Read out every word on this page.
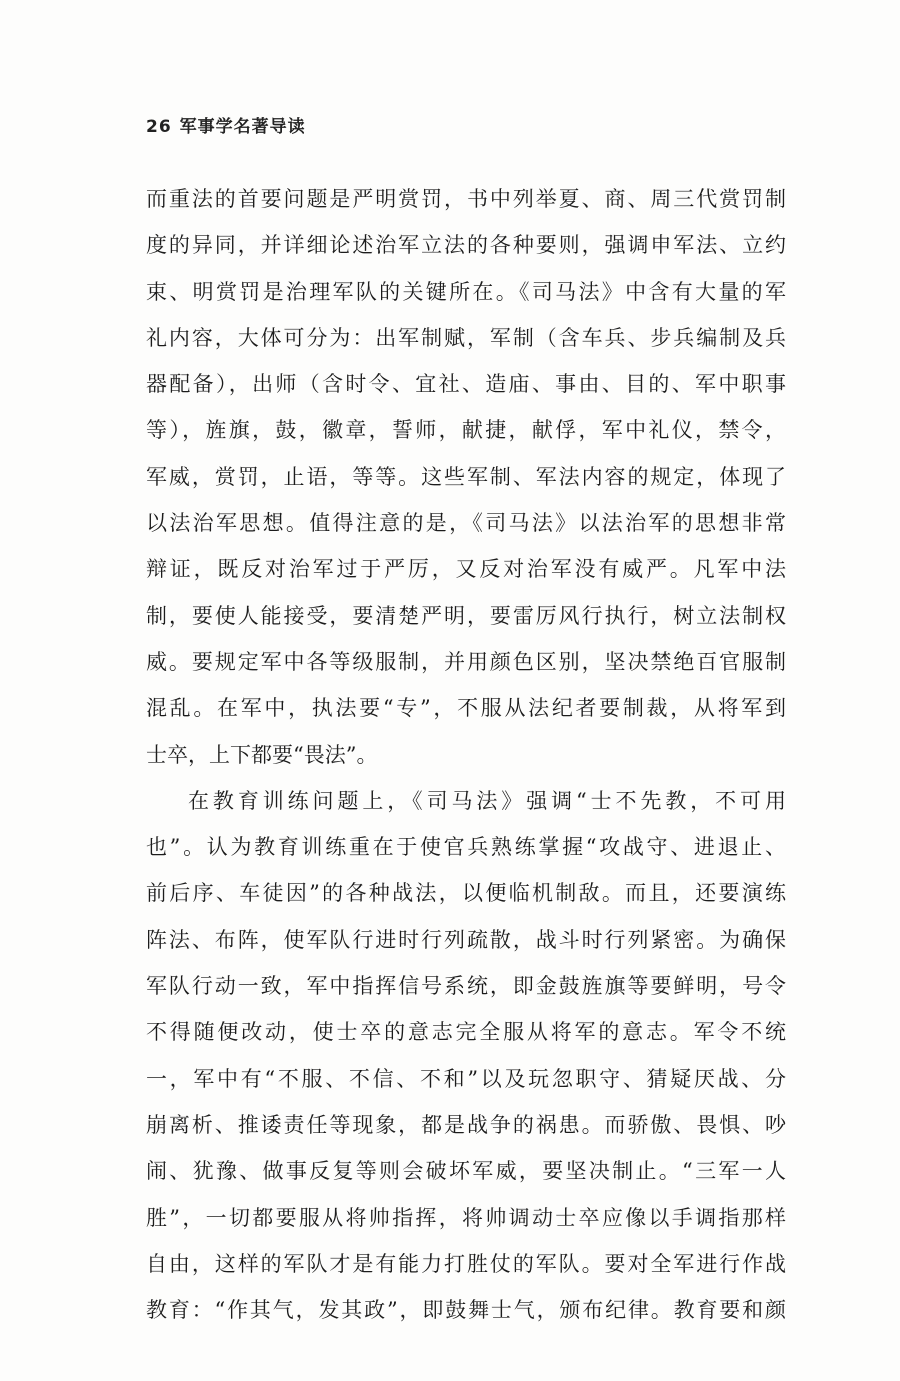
26 军事学名著导读
而重法的首要问题是严明赏罚，书中列举夏、商、周三代赏罚制
度的异同，并详细论述治军立法的各种要则，强调申军法、立约
束、明赏罚是治理军队的关键所在。《司马法》中含有大量的军
礼内容，大体可分为：出军制赋，军制（含车兵、步兵编制及兵
器配备），出师（含时令、宜社、造庙、事由、目的、军中职事
等），旌旗，鼓，徽章，誓师，献捷，献俘，军中礼仪，禁令，
军威，赏罚，止语，等等。这些军制、军法内容的规定，体现了
以法治军思想。值得注意的是，《司马法》以法治军的思想非常
辩证，既反对治军过于严厉，又反对治军没有威严。凡军中法
制，要使人能接受，要清楚严明，要雷厉风行执行，树立法制权
威。要规定军中各等级服制，并用颜色区别，坚决禁绝百官服制
混乱。在军中，执法要“专”，不服从法纪者要制裁，从将军到
士卒，上下都要“畏法”。
在教育训练问题上，《司马法》强调“士不先教，不可用
也”。认为教育训练重在于使官兵熟练掌握“攻战守、进退止、
前后序、车徒因”的各种战法，以便临机制敌。而且，还要演练
阵法、布阵，使军队行进时行列疏散，战斗时行列紧密。为确保
军队行动一致，军中指挥信号系统，即金鼓旌旗等要鲜明，号令
不得随便改动，使士卒的意志完全服从将军的意志。军令不统
一，军中有“不服、不信、不和”以及玩忽职守、猜疑厌战、分
崩离析、推诿责任等现象，都是战争的祸患。而骄傲、畏惧、吵
闹、犹豫、做事反复等则会破坏军威，要坚决制止。“三军一人
胜”，一切都要服从将帅指挥，将帅调动士卒应像以手调指那样
自由，这样的军队才是有能力打胜仗的军队。要对全军进行作战
教育：“作其气，发其政”，即鼓舞士气，颁布纪律。教育要和颜
